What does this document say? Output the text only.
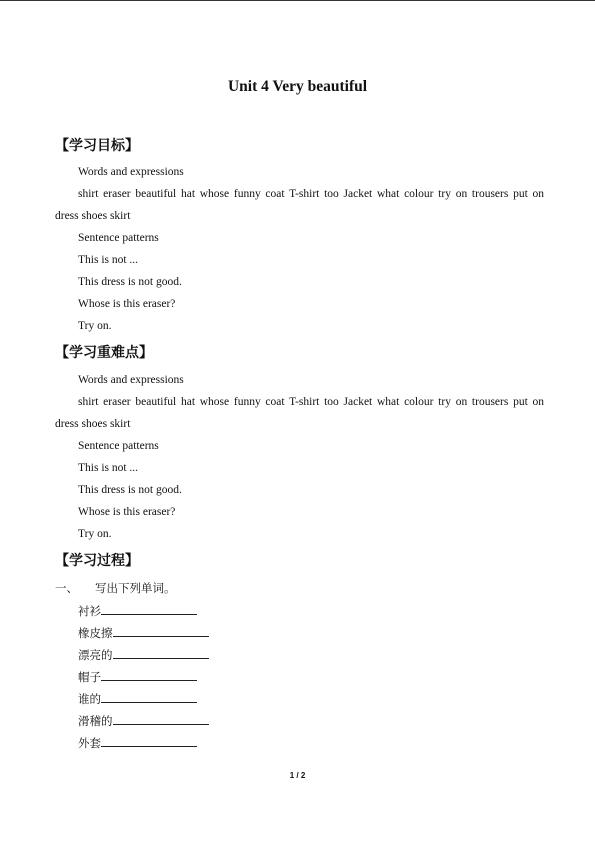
Unit 4 Very beautiful
【学习目标】
Words and expressions
shirt eraser beautiful hat whose funny coat T-shirt too Jacket what colour try on trousers put on
dress shoes skirt
Sentence patterns
This is not ...
This dress is not good.
Whose is this eraser?
Try on.
【学习重难点】
Words and expressions
shirt eraser beautiful hat whose funny coat T-shirt too Jacket what colour try on trousers put on
dress shoes skirt
Sentence patterns
This is not ...
This dress is not good.
Whose is this eraser?
Try on.
【学习过程】
一、 写出下列单词。
衬衫
橡皮擦
漂亮的
帽子
谁的
滑稽的
外套
1 / 2
